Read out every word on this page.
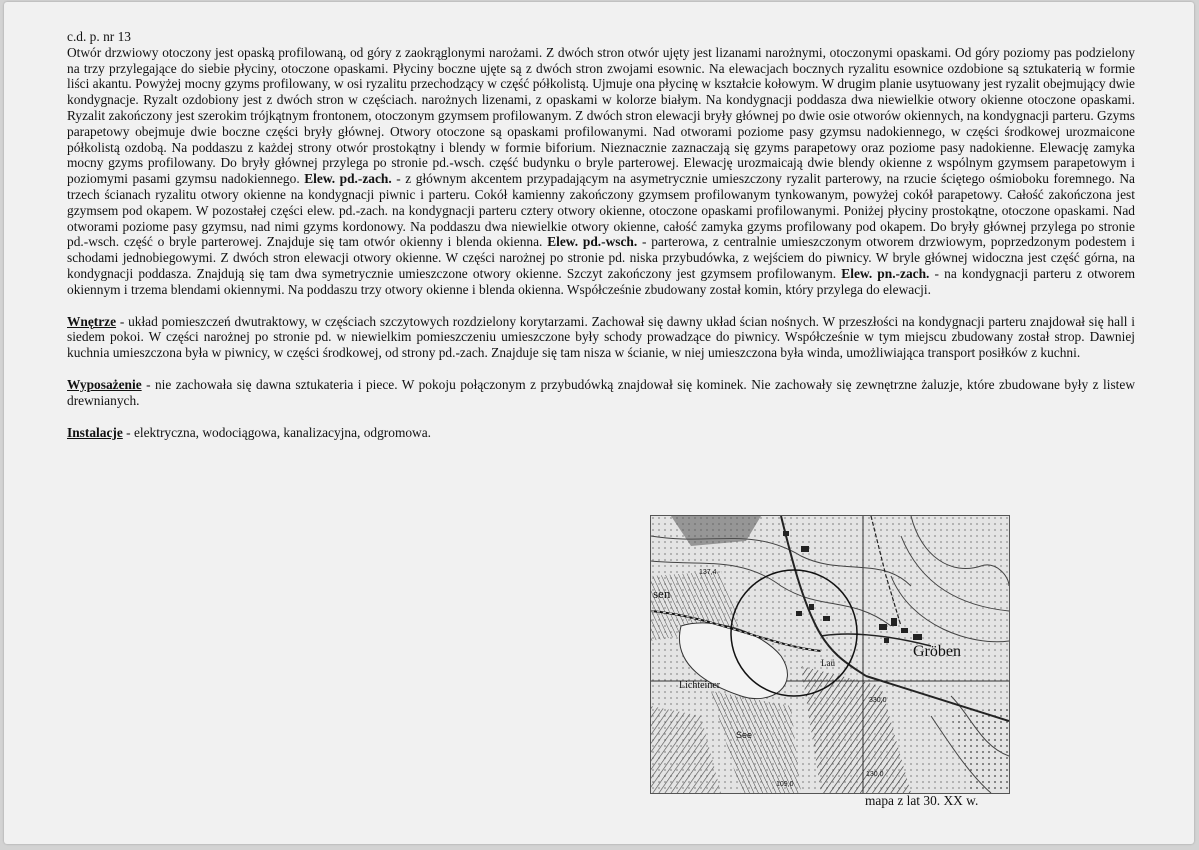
c.d. p. nr 13

Otwór drzwiowy otoczony jest opaską profilowaną, od góry z zaokrąglonymi narożami. Z dwóch stron otwór ujęty jest lizanami narożnymi, otoczonymi opaskami. Od góry poziomy pas podzielony na trzy przylegające do siebie płyciny, otoczone opaskami. Płyciny boczne ujęte są z dwóch stron zwojami esownic. Na elewacjach bocznych ryzalitu esownice ozdobione są sztukaterią w formie liści akantu. Powyżej mocny gzyms profilowany, w osi ryzalitu przechodzący w część półkolistą. Ujmuje ona płycinę w kształcie kołowym. W drugim planie usytuowany jest ryzalit obejmujący dwie kondygnacje. Ryzalt ozdobiony jest z dwóch stron w częściach. narożnych lizenami, z opaskami w kolorze białym. Na kondygnacji poddasza dwa niewielkie otwory okienne otoczone opaskami. Ryzalit zakończony jest szerokim trójkątnym frontonem, otoczonym gzymsem profilowanym. Z dwóch stron elewacji bryły głównej po dwie osie otworów okiennych, na kondygnacji parteru. Gzyms parapetowy obejmuje dwie boczne części bryły głównej. Otwory otoczone są opaskami profilowanymi. Nad otworami poziome pasy gzymsu nadokiennego, w części środkowej urozmaicone półkolistą ozdobą. Na poddaszu z każdej strony otwór prostokątny i blendy w formie biforium. Nieznacznie zaznaczają się gzyms parapetowy oraz poziome pasy nadokienne. Elewację zamyka mocny gzyms profilowany. Do bryły głównej przylega po stronie pd.-wsch. część budynku o bryle parterowej. Elewację urozmaicają dwie blendy okienne z wspólnym gzymsem parapetowym i poziomymi pasami gzymsu nadokiennego. Elew. pd.-zach. - z głównym akcentem przypadającym na asymetrycznie umieszczony ryzalit parterowy, na rzucie ściętego ośmioboku foremnego. Na trzech ścianach ryzalitu otwory okienne na kondygnacji piwnic i parteru. Cokół kamienny zakończony gzymsem profilowanym tynkowanym, powyżej cokół parapetowy. Całość zakończona jest gzymsem pod okapem. W pozostałej części elew. pd.-zach. na kondygnacji parteru cztery otwory okienne, otoczone opaskami profilowanymi. Poniżej płyciny prostokątne, otoczone opaskami. Nad otworami poziome pasy gzymsu, nad nimi gzyms kordonowy. Na poddaszu dwa niewielkie otwory okienne, całość zamyka gzyms profilowany pod okapem. Do bryły głównej przylega po stronie pd.-wsch. część o bryle parterowej. Znajduje się tam otwór okienny i blenda okienna. Elew. pd.-wsch. - parterowa, z centralnie umieszczonym otworem drzwiowym, poprzedzonym podestem i schodami jednobiegowymi. Z dwóch stron elewacji otwory okienne. W części narożnej po stronie pd. niska przybudówka, z wejściem do piwnicy. W bryle głównej widoczna jest część górna, na kondygnacji poddasza. Znajdują się tam dwa symetrycznie umieszczone otwory okienne. Szczyt zakończony jest gzymsem profilowanym. Elew. pn.-zach. - na kondygnacji parteru z otworem okiennym i trzema blendami okiennymi. Na poddaszu trzy otwory okienne i blenda okienna. Współcześnie zbudowany został komin, który przylega do elewacji.

Wnętrze - układ pomieszczeń dwutraktowy, w częściach szczytowych rozdzielony korytarzami. Zachował się dawny układ ścian nośnych. W przeszłości na kondygnacji parteru znajdował się hall i siedem pokoi. W części narożnej po stronie pd. w niewielkim pomieszczeniu umieszczone były schody prowadzące do piwnicy. Współcześnie w tym miejscu zbudowany został strop. Dawniej kuchnia umieszczona była w piwnicy, w części środkowej, od strony pd.-zach. Znajduje się tam nisza w ścianie, w niej umieszczona była winda, umożliwiająca transport posiłków z kuchni.

Wyposażenie - nie zachowała się dawna sztukateria i piece. W pokoju połączonym z przybudówką znajdował się kominek. Nie zachowały się zewnętrzne żaluzje, które zbudowane były z listew drewnianych.

Instalacje - elektryczna, wodociągowa, kanalizacyjna, odgromowa.

Gröben
Lichteiner
See
sen
137,4
330,0
130,0
109,0
Laü
mapa z lat 30. XX w.
